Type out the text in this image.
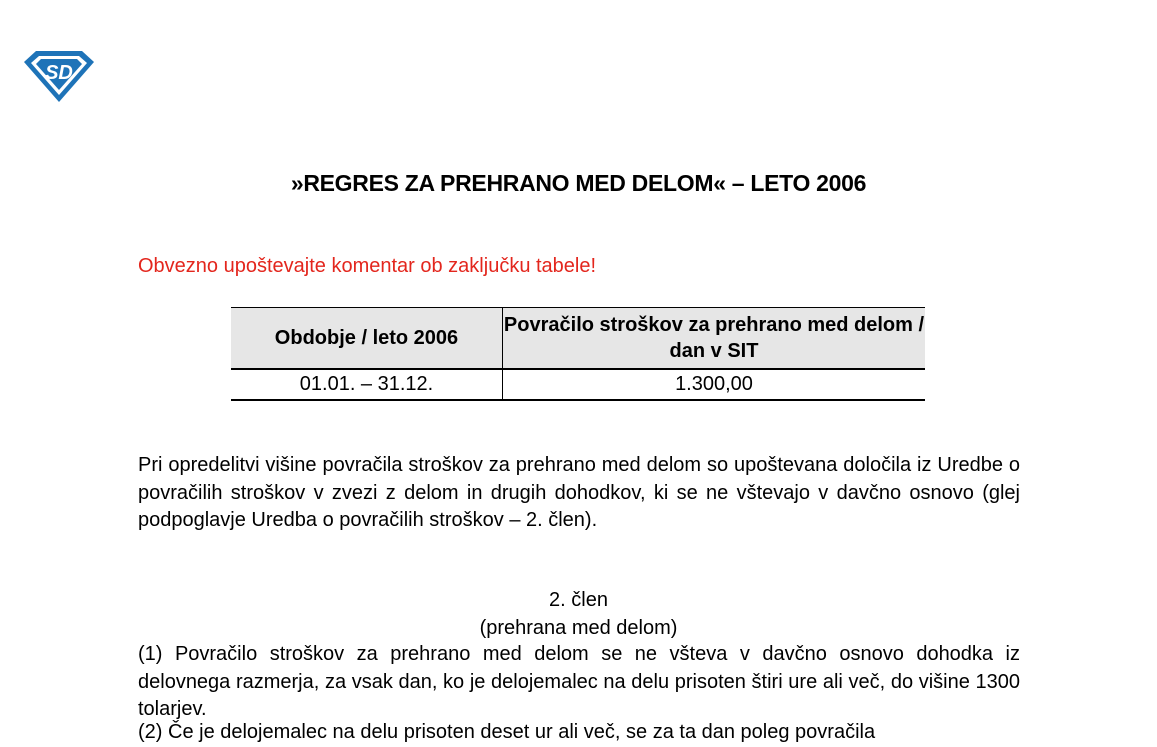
SD
»REGRES ZA PREHRANO MED DELOM« – LETO 2006
Obvezno upoštevajte komentar ob zaključku tabele!
Obdobje / leto 2006	Povračilo stroškov za prehrano med delom / dan v SIT
01.01. – 31.12.	1.300,00

Pri opredelitvi višine povračila stroškov za prehrano med delom so upoštevana določila iz Uredbe o povračilih stroškov v zvezi z delom in drugih dohodkov, ki se ne vštevajo v davčno osnovo (glej podpoglavje Uredba o povračilih stroškov – 2. člen).

2. člen
(prehrana med delom)

(1) Povračilo stroškov za prehrano med delom se ne všteva v davčno osnovo dohodka iz delovnega razmerja, za vsak dan, ko je delojemalec na delu prisoten štiri ure ali več, do višine 1300 tolarjev.

(2) Če je delojemalec na delu prisoten deset ur ali več, se za ta dan poleg povračila
